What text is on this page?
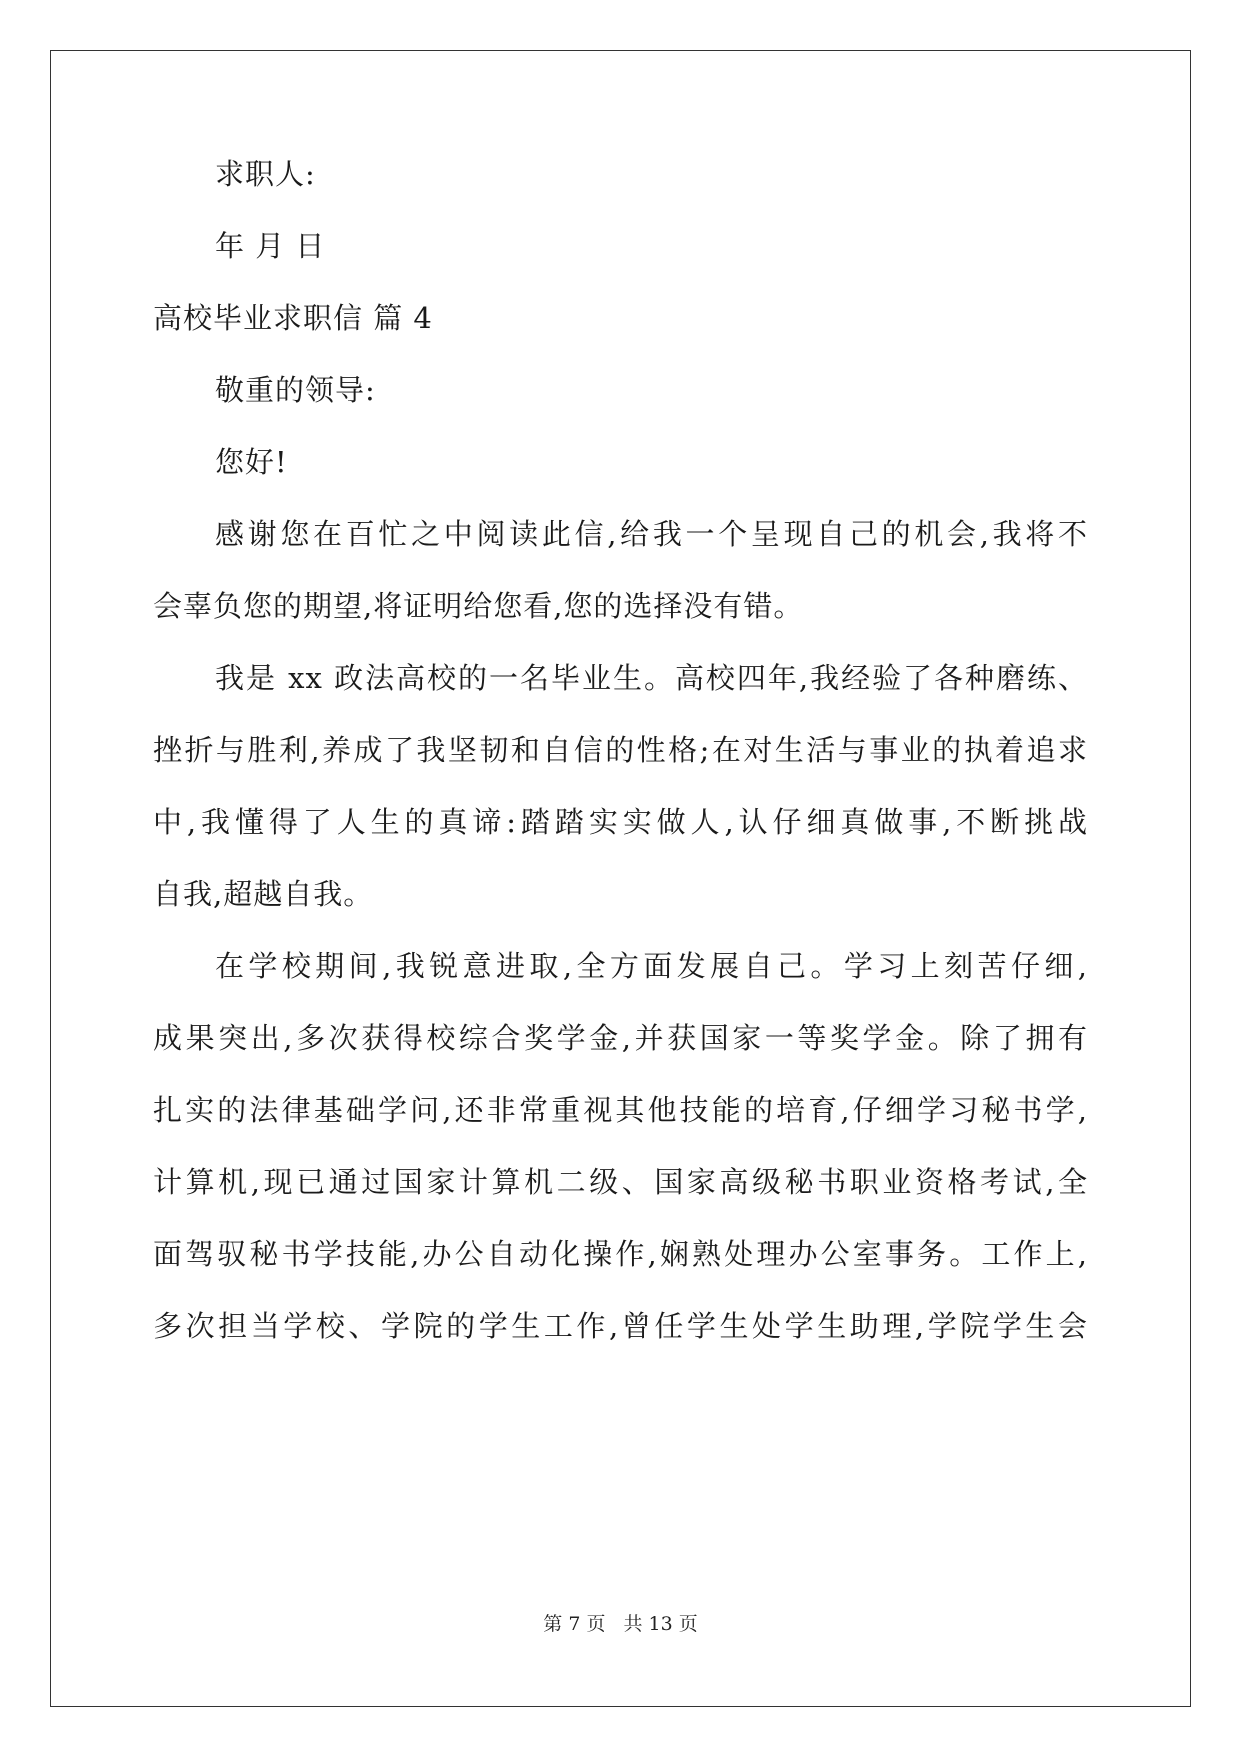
求职人:
年 月 日
高校毕业求职信 篇 4
敬重的领导:
您好!
感谢您在百忙之中阅读此信,给我一个呈现自己的机会,我将不
会辜负您的期望,将证明给您看,您的选择没有错。
我是 xx 政法高校的一名毕业生。高校四年,我经验了各种磨练、
挫折与胜利,养成了我坚韧和自信的性格;在对生活与事业的执着追求
中,我懂得了人生的真谛:踏踏实实做人,认仔细真做事,不断挑战
自我,超越自我。
在学校期间,我锐意进取,全方面发展自己。学习上刻苦仔细,
成果突出,多次获得校综合奖学金,并获国家一等奖学金。除了拥有
扎实的法律基础学问,还非常重视其他技能的培育,仔细学习秘书学,
计算机,现已通过国家计算机二级、国家高级秘书职业资格考试,全
面驾驭秘书学技能,办公自动化操作,娴熟处理办公室事务。工作上,
多次担当学校、学院的学生工作,曾任学生处学生助理,学院学生会
第 7 页 共 13 页
